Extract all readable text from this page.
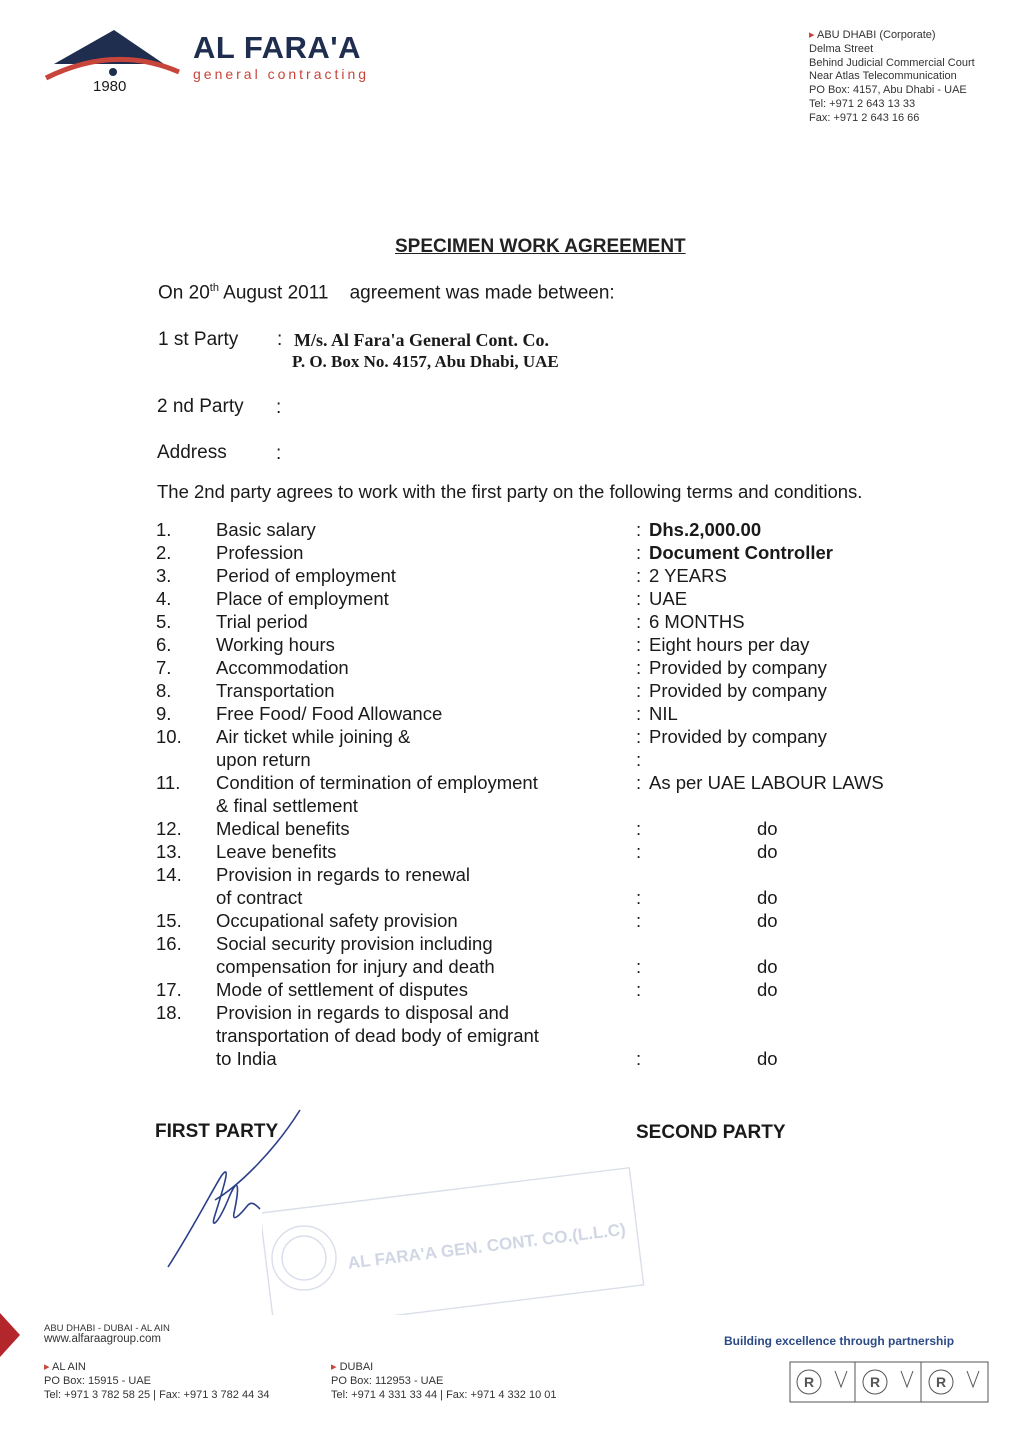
AL FARA'A
general contracting
1980
▸ ABU DHABI (Corporate)
Delma Street
Behind Judicial Commercial Court
Near Atlas Telecommunication
PO Box: 4157, Abu Dhabi - UAE
Tel: +971 2 643 13 33
Fax: +971 2 643 16 66
SPECIMEN WORK AGREEMENT
On 20th August 2011    agreement was made between:
1 st Party : M/s. Al Fara'a General Cont. Co.
P. O. Box No. 4157, Abu Dhabi, UAE
2 nd Party :
Address	:
The 2nd party agrees to work with the first party on the following terms and conditions.
1. Basic salary	: Dhs.2,000.00
2. Profession	: Document Controller
3. Period of employment	: 2 YEARS
4. Place of employment	: UAE
5. Trial period	: 6 MONTHS
6. Working hours	: Eight hours per day
7. Accommodation	: Provided by company
8. Transportation	: Provided by company
9. Free Food/ Food Allowance	: NIL
10. Air ticket while joining &	: Provided by company
upon return	:
11. Condition of termination of employment	: As per UAE LABOUR LAWS
& final settlement
12. Medical benefits	:	do
13. Leave benefits	:	do
14. Provision in regards to renewal
of contract	:	do
15. Occupational safety provision	:	do
16. Social security provision including
compensation for injury and death	:	do
17. Mode of settlement of disputes	:	do
18. Provision in regards to disposal and
transportation of dead body of emigrant
to India	:	do
FIRST PARTY	SECOND PARTY
AL FARA'A GEN. CONT. CO.(L.L.C)
ABU DHABI - DUBAI - AL AIN
www.alfaraagroup.com	Building excellence through partnership
▸ AL AIN
PO Box: 15915 - UAE
Tel: +971 3 782 58 25 | Fax: +971 3 782 44 34
▸ DUBAI
PO Box: 112953 - UAE
Tel: +971 4 331 33 44 | Fax: +971 4 332 10 01
R	R	R
